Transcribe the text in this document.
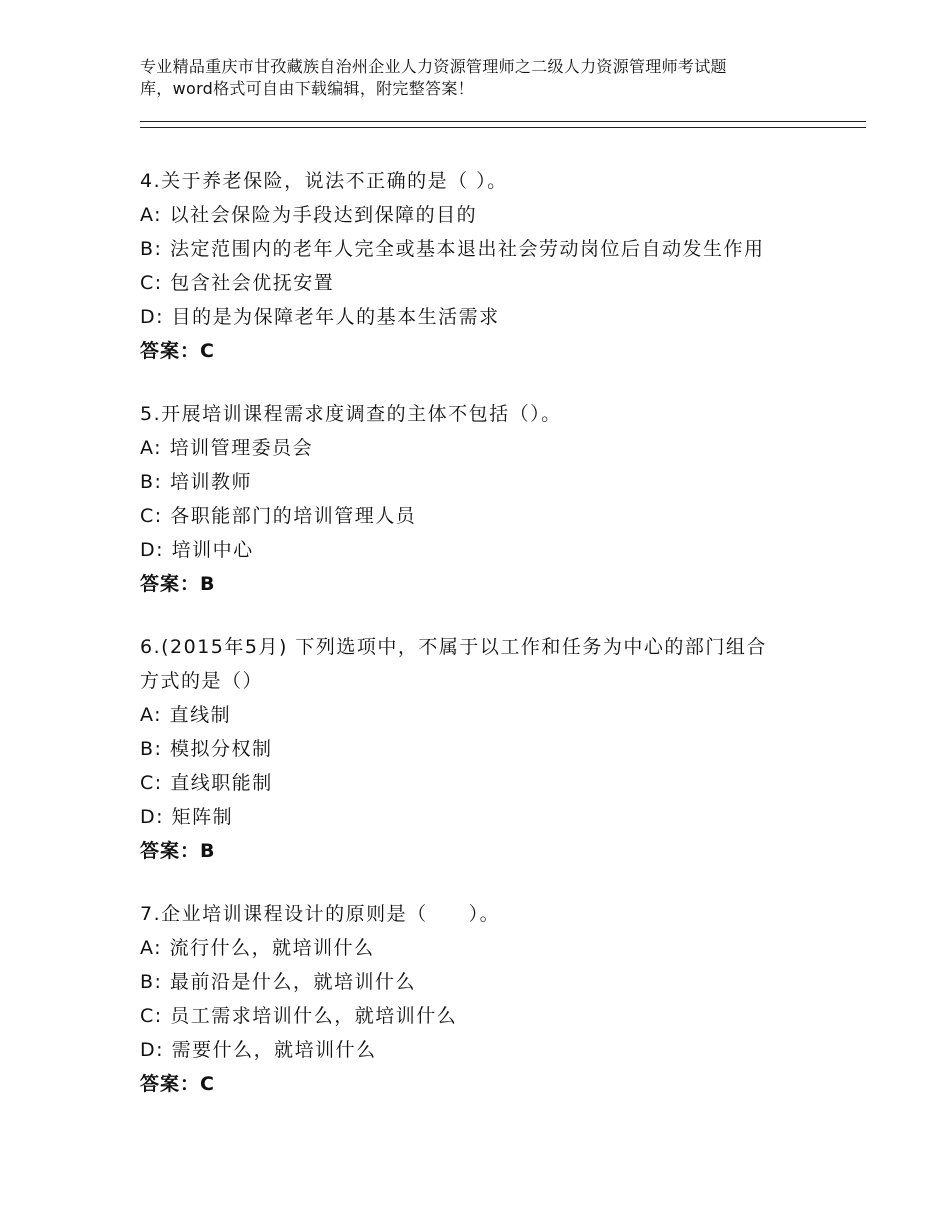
专业精品重庆市甘孜藏族自治州企业人力资源管理师之二级人力资源管理师考试题
库，word格式可自由下载编辑，附完整答案！
4.关于养老保险，说法不正确的是（ ）。
A: 以社会保险为手段达到保障的目的
B: 法定范围内的老年人完全或基本退出社会劳动岗位后自动发生作用
C: 包含社会优抚安置
D: 目的是为保障老年人的基本生活需求
答案：C
5.开展培训课程需求度调查的主体不包括（）。
A: 培训管理委员会
B: 培训教师
C: 各职能部门的培训管理人员
D: 培训中心
答案：B
6.(2015年5月) 下列选项中，不属于以工作和任务为中心的部门组合
方式的是（）
A: 直线制
B: 模拟分权制
C: 直线职能制
D: 矩阵制
答案：B
7.企业培训课程设计的原则是（　　）。
A: 流行什么，就培训什么
B: 最前沿是什么，就培训什么
C: 员工需求培训什么，就培训什么
D: 需要什么，就培训什么
答案：C
